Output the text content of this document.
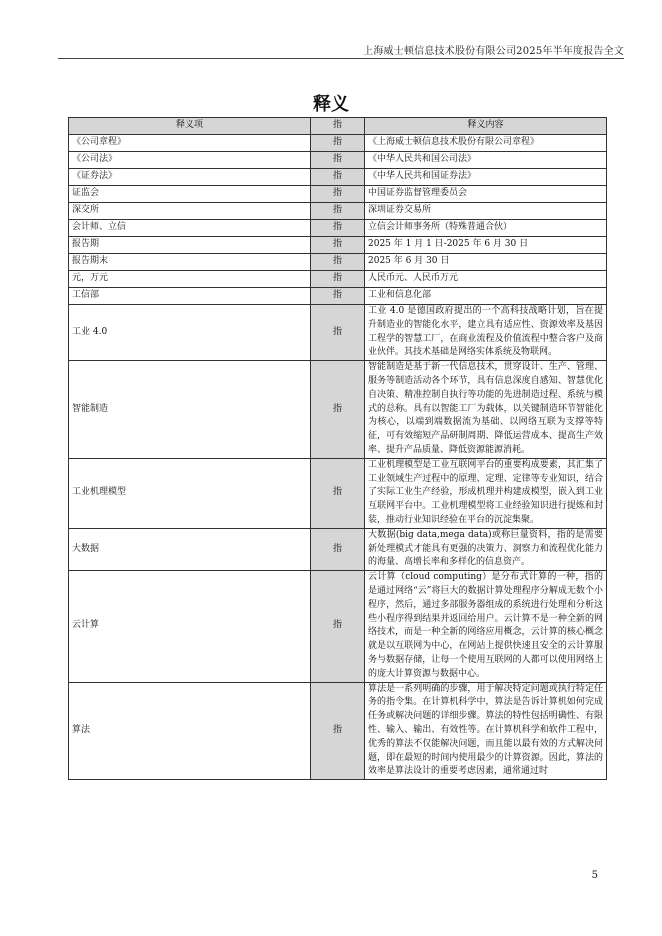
上海威士顿信息技术股份有限公司2025年半年度报告全文
释义
释义项	指	释义内容
《公司章程》	指	《上海威士顿信息技术股份有限公司章程》
《公司法》	指	《中华人民共和国公司法》
《证券法》	指	《中华人民共和国证券法》
证监会	指	中国证券监督管理委员会
深交所	指	深圳证券交易所
会计师、立信	指	立信会计师事务所（特殊普通合伙）
报告期	指	2025 年 1 月 1 日-2025 年 6 月 30 日
报告期末	指	2025 年 6 月 30 日
元，万元	指	人民币元、人民币万元
工信部	指	工业和信息化部
工业 4.0	指	工业 4.0 是德国政府提出的一个高科技战略计划，旨在提升制造业的智能化水平，建立具有适应性、资源效率及基因工程学的智慧工厂，在商业流程及价值流程中整合客户及商业伙伴。其技术基础是网络实体系统及物联网。
智能制造	指	智能制造是基于新一代信息技术，贯穿设计、生产、管理、服务等制造活动各个环节，具有信息深度自感知、智慧优化自决策、精准控制自执行等功能的先进制造过程、系统与模式的总称。具有以智能工厂为载体，以关键制造环节智能化为核心，以端到端数据流为基础、以网络互联为支撑等特征，可有效缩短产品研制周期、降低运营成本、提高生产效率、提升产品质量、降低资源能源消耗。
工业机理模型	指	工业机理模型是工业互联网平台的重要构成要素，其汇集了工业领域生产过程中的原理、定理、定律等专业知识，结合了实际工业生产经验，形成机理并构建成模型，嵌入到工业互联网平台中。工业机理模型将工业经验知识进行提炼和封装，推动行业知识经验在平台的沉淀集聚。
大数据	指	大数据(big data,mega data)或称巨量资料，指的是需要新处理模式才能具有更强的决策力、洞察力和流程优化能力的海量、高增长率和多样化的信息资产。
云计算	指	云计算（cloud computing）是分布式计算的一种，指的是通过网络“云”将巨大的数据计算处理程序分解成无数个小程序，然后，通过多部服务器组成的系统进行处理和分析这些小程序得到结果并返回给用户。云计算不是一种全新的网络技术，而是一种全新的网络应用概念，云计算的核心概念就是以互联网为中心，在网站上提供快速且安全的云计算服务与数据存储，让每一个使用互联网的人都可以使用网络上的庞大计算资源与数据中心。
算法	指	算法是一系列明确的步骤，用于解决特定问题或执行特定任务的指令集。在计算机科学中，算法是告诉计算机如何完成任务或解决问题的详细步骤。算法的特性包括明确性、有限性、输入、输出、有效性等。在计算机科学和软件工程中，优秀的算法不仅能解决问题，而且能以最有效的方式解决问题，即在最短的时间内使用最少的计算资源。因此，算法的效率是算法设计的重要考虑因素，通常通过时
5
